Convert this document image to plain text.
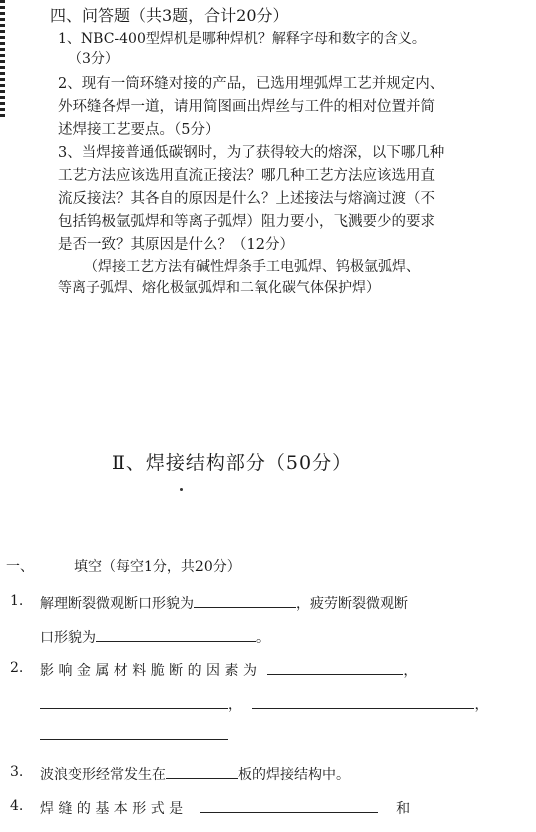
四、问答题（共3题，合计20分）
1、NBC-400型焊机是哪种焊机？解释字母和数字的含义。
（3分）
2、现有一筒环缝对接的产品，已选用埋弧焊工艺并规定内、
外环缝各焊一道，请用简图画出焊丝与工件的相对位置并简
述焊接工艺要点。（5分）
3、当焊接普通低碳钢时，为了获得较大的熔深，以下哪几种
工艺方法应该选用直流正接法？哪几种工艺方法应该选用直
流反接法？其各自的原因是什么？上述接法与熔滴过渡（不
包括钨极氩弧焊和等离子弧焊）阻力要小，飞溅要少的要求
是否一致？其原因是什么？（12分）
（焊接工艺方法有碱性焊条手工电弧焊、钨极氩弧焊、
等离子弧焊、熔化极氩弧焊和二氧化碳气体保护焊）
Ⅱ、焊接结构部分（50分）
一、	填空（每空1分，共20分）
1. 解理断裂微观断口形貌为	，疲劳断裂微观断
口形貌为	。
2. 影 响 金 属 材 料 脆 断 的 因 素 为	，
，	，
3. 波浪变形经常发生在	板的焊接结构中。
4. 焊 缝 的 基 本 形 式 是	和
